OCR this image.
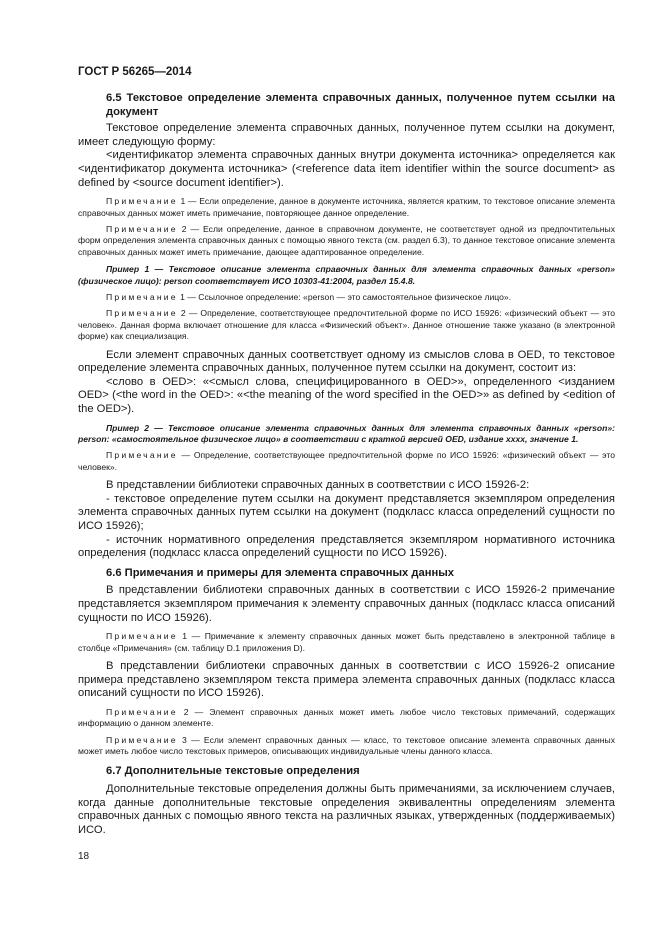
ГОСТ Р 56265—2014

6.5 Текстовое определение элемента справочных данных, полученное путем ссылки на документ

Текстовое определение элемента справочных данных, полученное путем ссылки на документ, имеет следующую форму:

<идентификатор элемента справочных данных внутри документа источника> определяется как <идентификатор документа источника> (<reference data item identifier within the source document> as defined by <source document identifier>).

Примечание 1 — Если определение, данное в документе источника, является кратким, то текстовое описание элемента справочных данных может иметь примечание, повторяющее данное определение.

Примечание 2 — Если определение, данное в справочном документе, не соответствует одной из предпочтительных форм определения элемента справочных данных с помощью явного текста (см. раздел 6.3), то данное текстовое описание элемента справочных данных может иметь примечание, дающее адаптированное определение.

Пример 1 — Текстовое описание элемента справочных данных для элемента справочных данных «person» (физическое лицо): person соответствует ИСО 10303-41:2004, раздел 15.4.8.

Примечание 1 — Ссылочное определение: «person — это самостоятельное физическое лицо».

Примечание 2 — Определение, соответствующее предпочтительной форме по ИСО 15926: «физический объект — это человек». Данная форма включает отношение для класса «Физический объект». Данное отношение также указано (в электронной форме) как специализация.

Если элемент справочных данных соответствует одному из смыслов слова в OED, то текстовое определение элемента справочных данных, полученное путем ссылки на документ, состоит из:

<слово в OED>: «<смысл слова, специфицированного в OED>», определенного <изданием OED> (<the word in the OED>: «<the meaning of the word specified in the OED>» as defined by <edition of the OED>).

Пример 2 — Текстовое описание элемента справочных данных для элемента справочных данных «person»: person: «самостоятельное физическое лицо» в соответствии с краткой версией OED, издание хххх, значение 1.

Примечание — Определение, соответствующее предпочтительной форме по ИСО 15926: «физический объект — это человек».

В представлении библиотеки справочных данных в соответствии с ИСО 15926-2:

- текстовое определение путем ссылки на документ представляется экземпляром определения элемента справочных данных путем ссылки на документ (подкласс класса определений сущности по ИСО 15926);

- источник нормативного определения представляется экземпляром нормативного источника определения (подкласс класса определений сущности по ИСО 15926).

6.6 Примечания и примеры для элемента справочных данных

В представлении библиотеки справочных данных в соответствии с ИСО 15926-2 примечание представляется экземпляром примечания к элементу справочных данных (подкласс класса описаний сущности по ИСО 15926).

Примечание 1 — Примечание к элементу справочных данных может быть представлено в электронной таблице в столбце «Примечания» (см. таблицу D.1 приложения D).

В представлении библиотеки справочных данных в соответствии с ИСО 15926-2 описание примера представлено экземпляром текста примера элемента справочных данных (подкласс класса описаний сущности по ИСО 15926).

Примечание 2 — Элемент справочных данных может иметь любое число текстовых примечаний, содержащих информацию о данном элементе.

Примечание 3 — Если элемент справочных данных — класс, то текстовое описание элемента справочных данных может иметь любое число текстовых примеров, описывающих индивидуальные члены данного класса.

6.7 Дополнительные текстовые определения

Дополнительные текстовые определения должны быть примечаниями, за исключением случаев, когда данные дополнительные текстовые определения эквивалентны определениям элемента справочных данных с помощью явного текста на различных языках, утвержденных (поддерживаемых) ИСО.

18
